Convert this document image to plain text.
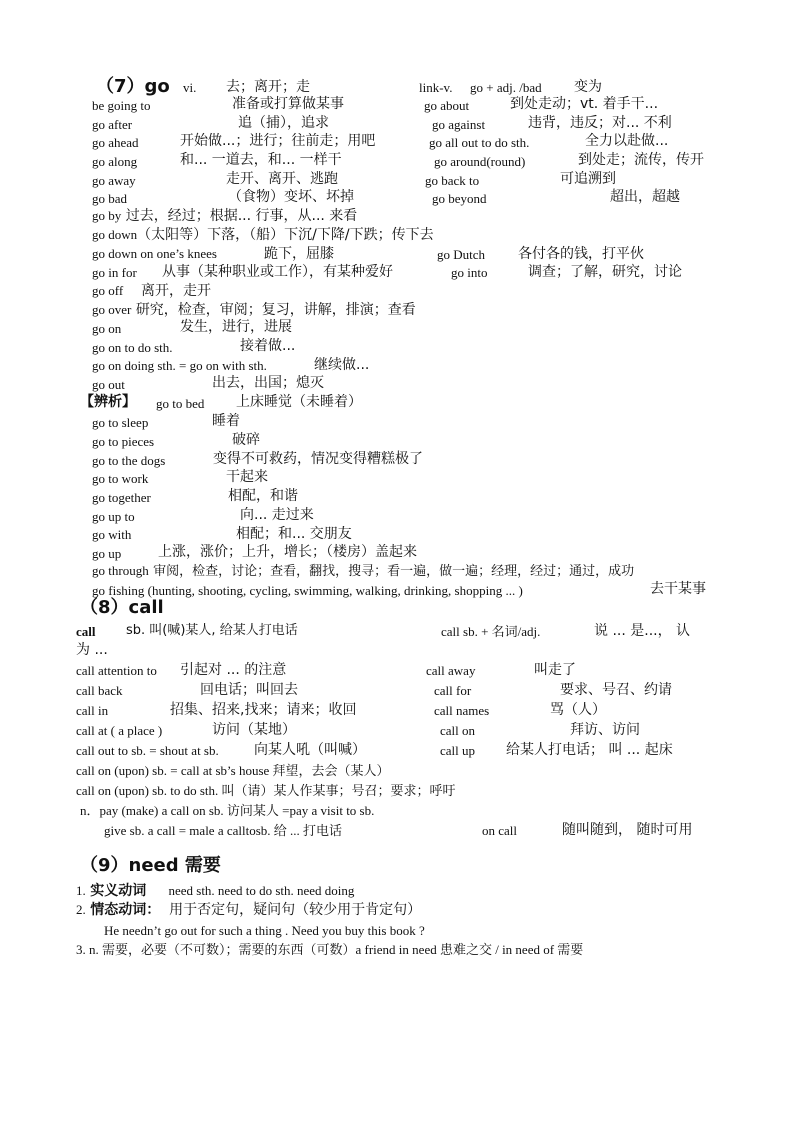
（7）go vi. 去；离开；走	link-v. go + adj. /bad 变为
be going to	准备或打算做某事	go about	到处走动；vt. 着手干...
go after	追（捕），追求	go against	违背，违反；对... 不利
go ahead	开始做...；进行；往前走；用吧	go all out to do sth.	全力以赴做...
go along	和... 一道去，和... 一样干	go around(round)	到处走；流传，传开
go away	走开、离开、逃跑	go back to	可追溯到
go bad	（食物）变坏、坏掉	go beyond	超出，超越
go by 过去，经过；根据... 行事，从... 来看
go down（太阳等）下落，（船）下沉/下降/下跌；传下去
go down on one’s knees	跪下，屈膝	go Dutch 各付各的钱，打平伙
go in for 从事（某种职业或工作），有某种爱好	go into	调查；了解，研究，讨论
go off 离开，走开
go over 研究，检查，审阅；复习，讲解，排演；查看
go on	发生，进行，进展
go on to do sth.	接着做...
go on doing sth. = go on with sth.	继续做...
go out	出去，出国；熄灭
【辨析】 go to bed 上床睡觉（未睡着）
go to sleep	睡着
go to pieces	破碎
go to the dogs	变得不可救药，情况变得糟糕极了
go to work	干起来
go together	相配，和谐
go up to	向... 走过来
go with	相配；和... 交朋友
go up	上涨，涨价；上升，增长；（楼房）盖起来
go through 审阅，检查，讨论；查看，翻找，搜寻；看一遍，做一遍；经理，经过；通过，成功
go fishing (hunting, shooting, cycling, swimming, walking, drinking, shopping ... )	去干某事
（8）call
call sb. 叫(喊)某人, 给某人打电话	call sb. + 名词/adj.	说 ... 是...， 认
为 ...
call attention to 引起对 ... 的注意	call away	叫走了
call back	回电话；叫回去	call for	要求、号召、约请
call in	招集、招来,找来；请来；收回	call names	骂（人）
call at ( a place )	访问（某地）	call on	拜访、访问
call out to sb. = shout at sb.	向某人吼（叫喊）	call up 给某人打电话； 叫 ... 起床
call on (upon) sb. = call at sb’s house 拜望，去会（某人）
call on (upon) sb. to do sth. 叫（请）某人作某事；号召；要求；呼吁
n．pay (make) a call on sb. 访问某人 =pay a visit to sb.
give sb. a call = male a calltosb. 给 ... 打电话	on call	随叫随到， 随时可用
（9）need 需要
1. 实义动词 need sth. need to do sth. need doing
2. 情态动词： 用于否定句，疑问句（较少用于肯定句）
He needn’t go out for such a thing . Need you buy this book ?
3. n. 需要，必要（不可数）；需要的东西（可数）a friend in need 患难之交 / in need of 需要
